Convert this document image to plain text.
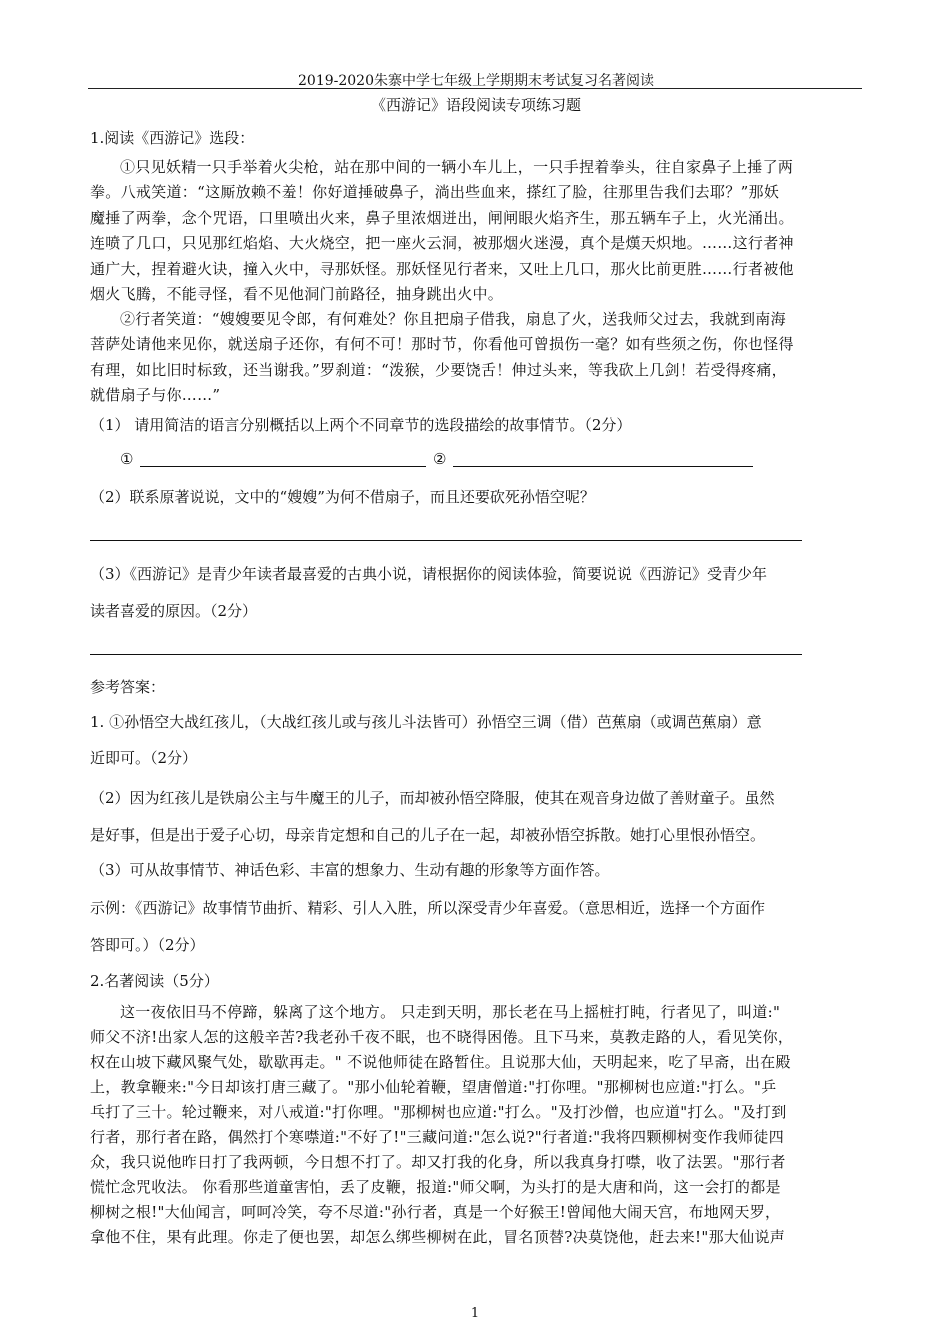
2019-2020朱寨中学七年级上学期期末考试复习名著阅读
《西游记》语段阅读专项练习题
1.阅读《西游记》选段：
①只见妖精一只手举着火尖枪，站在那中间的一辆小车儿上，一只手捏着拳头，往自家鼻子上捶了两
拳。八戒笑道：“这厮放赖不羞！你好道捶破鼻子，淌出些血来，搽红了脸，往那里告我们去耶？”那妖
魔捶了两拳，念个咒语，口里喷出火来，鼻子里浓烟迸出，闸闸眼火焰齐生，那五辆车子上，火光涌出。
连喷了几口，只见那红焰焰、大火烧空，把一座火云洞，被那烟火迷漫，真个是熯天炽地。……这行者神
通广大，捏着避火诀，撞入火中，寻那妖怪。那妖怪见行者来，又吐上几口，那火比前更胜……行者被他
烟火飞腾，不能寻怪，看不见他洞门前路径，抽身跳出火中。
②行者笑道：“嫂嫂要见令郎，有何难处？你且把扇子借我，扇息了火，送我师父过去，我就到南海
菩萨处请他来见你，就送扇子还你，有何不可！那时节，你看他可曾损伤一毫？如有些须之伤，你也怪得
有理，如比旧时标致，还当谢我。”罗刹道：“泼猴，少要饶舌！伸过头来，等我砍上几剑！若受得疼痛，
就借扇子与你……”
（1） 请用简洁的语言分别概括以上两个不同章节的选段描绘的故事情节。（2分）
①	②
（2）联系原著说说，文中的“嫂嫂”为何不借扇子，而且还要砍死孙悟空呢？
（3）《西游记》是青少年读者最喜爱的古典小说，请根据你的阅读体验，简要说说《西游记》受青少年
读者喜爱的原因。（2分）
参考答案：
1. ①孙悟空大战红孩儿，（大战红孩儿或与孩儿斗法皆可）孙悟空三调（借）芭蕉扇（或调芭蕉扇）意
近即可。（2分）
（2）因为红孩儿是铁扇公主与牛魔王的儿子，而却被孙悟空降服，使其在观音身边做了善财童子。虽然
是好事，但是出于爱子心切，母亲肯定想和自己的儿子在一起，却被孙悟空拆散。她打心里恨孙悟空。
（3）可从故事情节、神话色彩、丰富的想象力、生动有趣的形象等方面作答。
示例：《西游记》故事情节曲折、精彩、引人入胜，所以深受青少年喜爱。（意思相近，选择一个方面作
答即可。）（2分）
2.名著阅读（5分）
这一夜依旧马不停蹄，躲离了这个地方。 只走到天明，那长老在马上摇桩打盹，行者见了，叫道:"
师父不济!出家人怎的这般辛苦?我老孙千夜不眠，也不晓得困倦。且下马来，莫教走路的人，看见笑你，
权在山坡下藏风聚气处，歇歇再走。" 不说他师徒在路暂住。且说那大仙，天明起来，吃了早斋，出在殿
上，教拿鞭来:"今日却该打唐三藏了。"那小仙轮着鞭，望唐僧道:"打你哩。"那柳树也应道:"打么。"乒
乓打了三十。轮过鞭来，对八戒道:"打你哩。"那柳树也应道:"打么。"及打沙僧，也应道"打么。"及打到
行者，那行者在路，偶然打个寒噤道:"不好了!"三藏问道:"怎么说?"行者道:"我将四颗柳树变作我师徒四
众，我只说他昨日打了我两顿，今日想不打了。却又打我的化身，所以我真身打噤，收了法罢。"那行者
慌忙念咒收法。 你看那些道童害怕，丢了皮鞭，报道:"师父啊，为头打的是大唐和尚，这一会打的都是
柳树之根!"大仙闻言，呵呵冷笑，夸不尽道:"孙行者，真是一个好猴王!曾闻他大闹天宫，布地网天罗，
拿他不住，果有此理。你走了便也罢，却怎么绑些柳树在此，冒名顶替?决莫饶他，赶去来!"那大仙说声
1
